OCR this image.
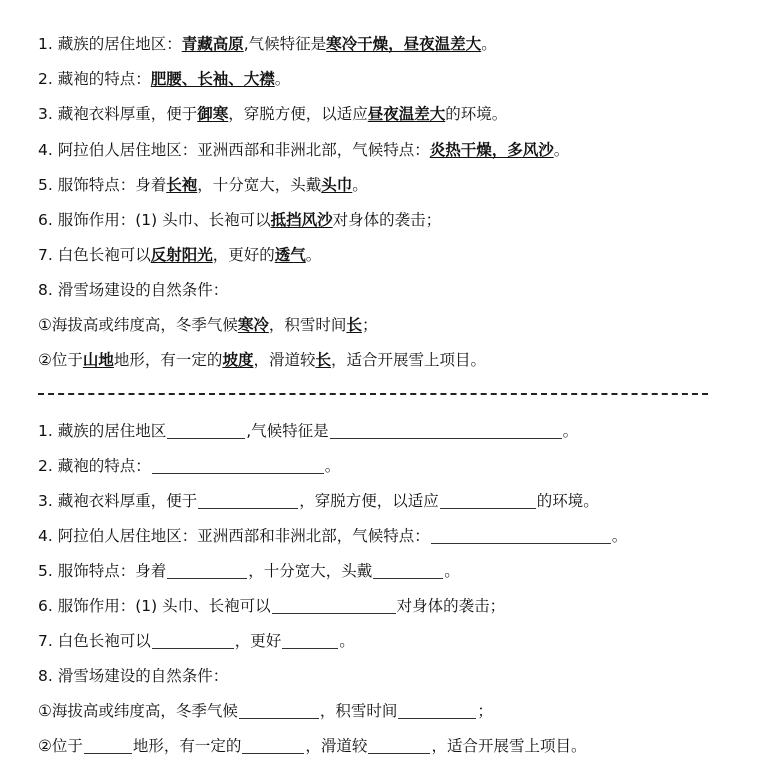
1. 藏族的居住地区：青藏高原,气候特征是寒冷干燥，昼夜温差大。
2. 藏袍的特点：肥腰、长袖、大襟。
3. 藏袍衣料厚重，便于御寒，穿脱方便，以适应昼夜温差大的环境。
4. 阿拉伯人居住地区：亚洲西部和非洲北部，气候特点：炎热干燥，多风沙。
5. 服饰特点：身着长袍，十分宽大，头戴头巾。
6. 服饰作用：(1) 头巾、长袍可以抵挡风沙对身体的袭击；
7. 白色长袍可以反射阳光，更好的透气。
8. 滑雪场建设的自然条件：
①海拔高或纬度高，冬季气候寒冷，积雪时间长；
②位于山地地形，有一定的坡度，滑道较长，适合开展雪上项目。
1. 藏族的居住地区	,气候特征是	。
2. 藏袍的特点：	。
3. 藏袍衣料厚重，便于	，穿脱方便，以适应	的环境。
4. 阿拉伯人居住地区：亚洲西部和非洲北部，气候特点：	。
5. 服饰特点：身着	，十分宽大，头戴	。
6. 服饰作用：(1) 头巾、长袍可以	对身体的袭击；
7. 白色长袍可以	，更好	。
8. 滑雪场建设的自然条件：
①海拔高或纬度高，冬季气候	，积雪时间	；
②位于	地形，有一定的	，滑道较	，适合开展雪上项目。
